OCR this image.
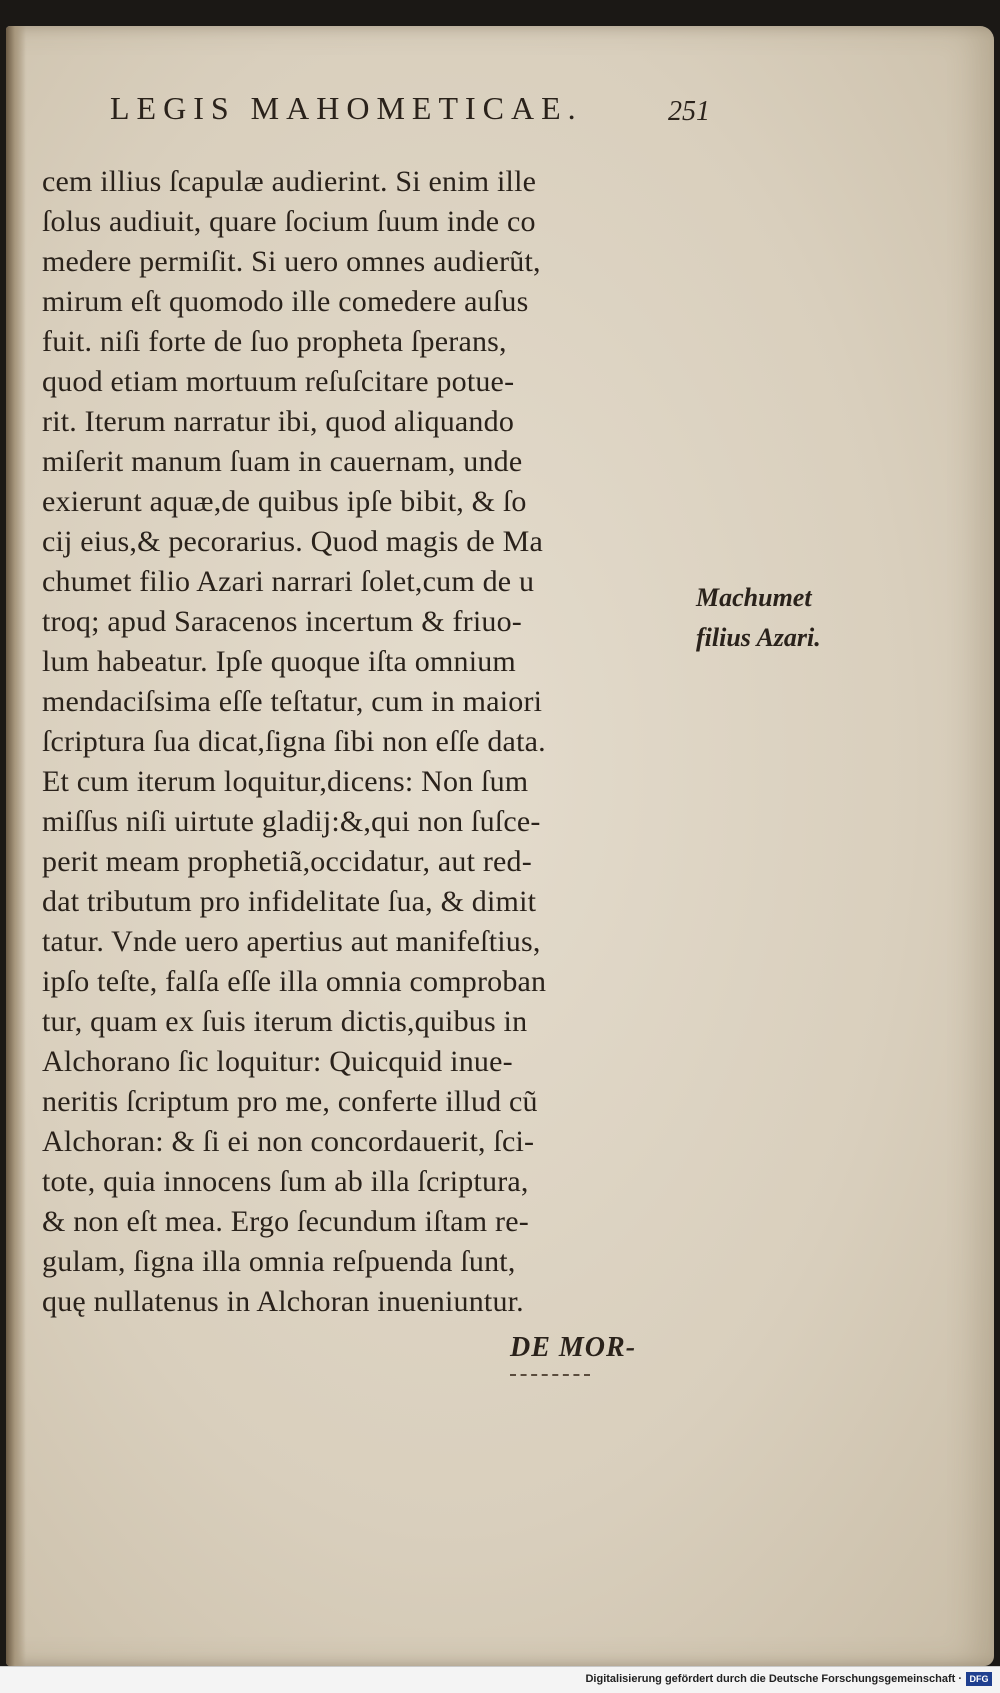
LEGIS MAHOMETICAE.	251
cem illius ſcapulæ audierint. Si enim ille
ſolus audiuit, quare ſocium ſuum inde co
medere permiſit. Si uero omnes audierũt,
mirum eſt quomodo ille comedere auſus
fuit. niſi forte de ſuo propheta ſperans,
quod etiam mortuum reſuſcitare potue-
rit. Iterum narratur ibi, quod aliquando
miſerit manum ſuam in cauernam, unde
exierunt aquæ,de quibus ipſe bibit, & ſo
cij eius,& pecorarius. Quod magis de Ma
chumet filio Azari narrari ſolet,cum de u
troq; apud Saracenos incertum & friuo-
lum habeatur. Ipſe quoque iſta omnium
mendaciſsima eſſe teſtatur, cum in maiori
ſcriptura ſua dicat,ſigna ſibi non eſſe data.
Et cum iterum loquitur,dicens: Non ſum
miſſus niſi uirtute gladij:&,qui non ſuſce-
perit meam prophetiã,occidatur, aut red-
dat tributum pro infidelitate ſua, & dimit
tatur. Vnde uero apertius aut manifeſtius,
ipſo teſte, falſa eſſe illa omnia comproban
tur, quam ex ſuis iterum dictis,quibus in
Alchorano ſic loquitur: Quicquid inue-
neritis ſcriptum pro me, conferte illud cũ
Alchoran: & ſi ei non concordauerit, ſci-
tote, quia innocens ſum ab illa ſcriptura,
& non eſt mea. Ergo ſecundum iſtam re-
gulam, ſigna illa omnia reſpuenda ſunt,
quę nullatenus in Alchoran inueniuntur.
Machumet
filius Azari.
DE MOR-
Digitalisierung gefördert durch die Deutsche Forschungsgemeinschaft · DFG
